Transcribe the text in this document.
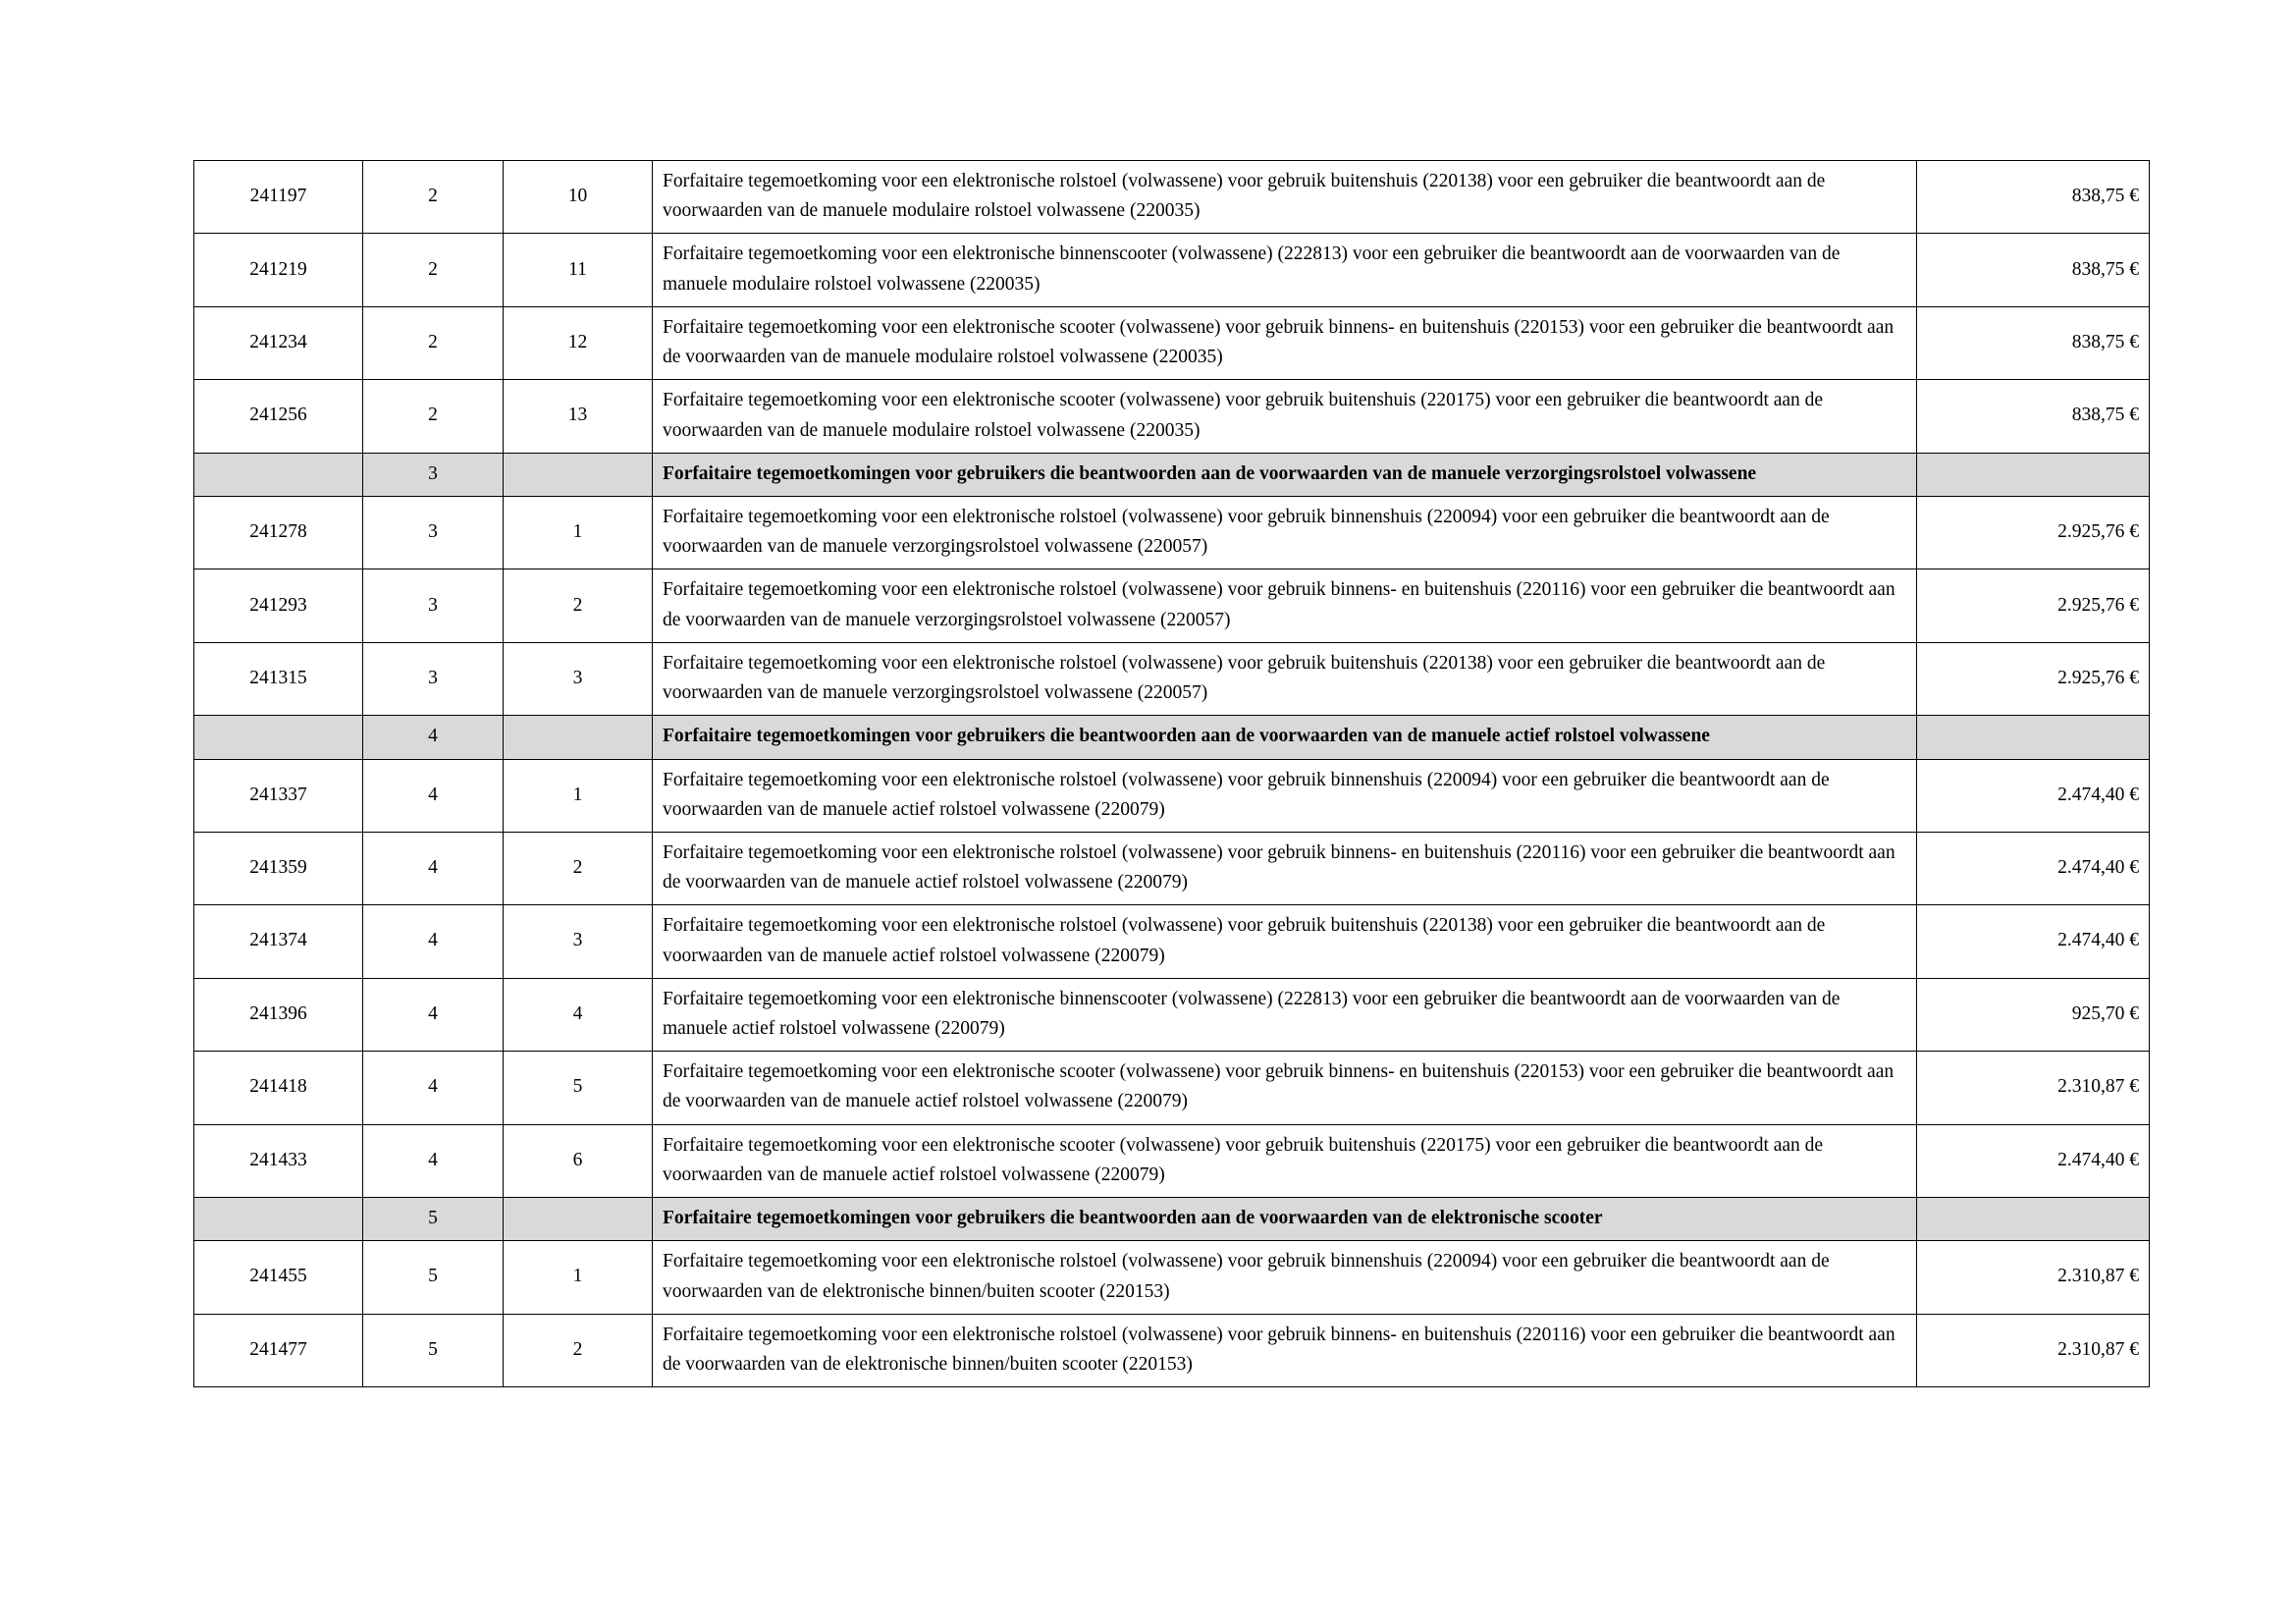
241197	2	10	Forfaitaire tegemoetkoming voor een elektronische rolstoel (volwassene) voor gebruik buitenshuis (220138) voor een gebruiker die beantwoordt aan de voorwaarden van de manuele modulaire rolstoel volwassene (220035)	838,75 €
241219	2	11	Forfaitaire tegemoetkoming voor een elektronische binnenscooter (volwassene) (222813) voor een gebruiker die beantwoordt aan de voorwaarden van de manuele modulaire rolstoel volwassene (220035)	838,75 €
241234	2	12	Forfaitaire tegemoetkoming voor een elektronische scooter (volwassene) voor gebruik binnens- en buitenshuis (220153) voor een gebruiker die beantwoordt aan de voorwaarden van de manuele modulaire rolstoel volwassene (220035)	838,75 €
241256	2	13	Forfaitaire tegemoetkoming voor een elektronische scooter (volwassene) voor gebruik buitenshuis (220175) voor een gebruiker die beantwoordt aan de voorwaarden van de manuele modulaire rolstoel volwassene (220035)	838,75 €
	3		Forfaitaire tegemoetkomingen voor gebruikers die beantwoorden aan de voorwaarden van de manuele verzorgingsrolstoel volwassene	
241278	3	1	Forfaitaire tegemoetkoming voor een elektronische rolstoel (volwassene) voor gebruik binnenshuis (220094) voor een gebruiker die beantwoordt aan de voorwaarden van de manuele verzorgingsrolstoel volwassene (220057)	2.925,76 €
241293	3	2	Forfaitaire tegemoetkoming voor een elektronische rolstoel (volwassene) voor gebruik binnens- en buitenshuis (220116) voor een gebruiker die beantwoordt aan de voorwaarden van de manuele verzorgingsrolstoel volwassene (220057)	2.925,76 €
241315	3	3	Forfaitaire tegemoetkoming voor een elektronische rolstoel (volwassene) voor gebruik buitenshuis (220138) voor een gebruiker die beantwoordt aan de voorwaarden van de manuele verzorgingsrolstoel volwassene (220057)	2.925,76 €
	4		Forfaitaire tegemoetkomingen voor gebruikers die beantwoorden aan de voorwaarden van de manuele actief rolstoel volwassene	
241337	4	1	Forfaitaire tegemoetkoming voor een elektronische rolstoel (volwassene) voor gebruik binnenshuis (220094) voor een gebruiker die beantwoordt aan de voorwaarden van de manuele actief rolstoel volwassene (220079)	2.474,40 €
241359	4	2	Forfaitaire tegemoetkoming voor een elektronische rolstoel (volwassene) voor gebruik binnens- en buitenshuis (220116) voor een gebruiker die beantwoordt aan de voorwaarden van de manuele actief rolstoel volwassene (220079)	2.474,40 €
241374	4	3	Forfaitaire tegemoetkoming voor een elektronische rolstoel (volwassene) voor gebruik buitenshuis (220138) voor een gebruiker die beantwoordt aan de voorwaarden van de manuele actief rolstoel volwassene (220079)	2.474,40 €
241396	4	4	Forfaitaire tegemoetkoming voor een elektronische binnenscooter (volwassene) (222813) voor een gebruiker die beantwoordt aan de voorwaarden van de manuele actief rolstoel volwassene (220079)	925,70 €
241418	4	5	Forfaitaire tegemoetkoming voor een elektronische scooter (volwassene) voor gebruik binnens- en buitenshuis (220153) voor een gebruiker die beantwoordt aan de voorwaarden van de manuele actief rolstoel volwassene (220079)	2.310,87 €
241433	4	6	Forfaitaire tegemoetkoming voor een elektronische scooter (volwassene) voor gebruik buitenshuis (220175) voor een gebruiker die beantwoordt aan de voorwaarden van de manuele actief rolstoel volwassene (220079)	2.474,40 €
	5		Forfaitaire tegemoetkomingen voor gebruikers die beantwoorden aan de voorwaarden van de elektronische scooter	
241455	5	1	Forfaitaire tegemoetkoming voor een elektronische rolstoel (volwassene) voor gebruik binnenshuis (220094) voor een gebruiker die beantwoordt aan de voorwaarden van de elektronische binnen/buiten scooter (220153)	2.310,87 €
241477	5	2	Forfaitaire tegemoetkoming voor een elektronische rolstoel (volwassene) voor gebruik binnens- en buitenshuis (220116) voor een gebruiker die beantwoordt aan de voorwaarden van de elektronische binnen/buiten scooter (220153)	2.310,87 €
